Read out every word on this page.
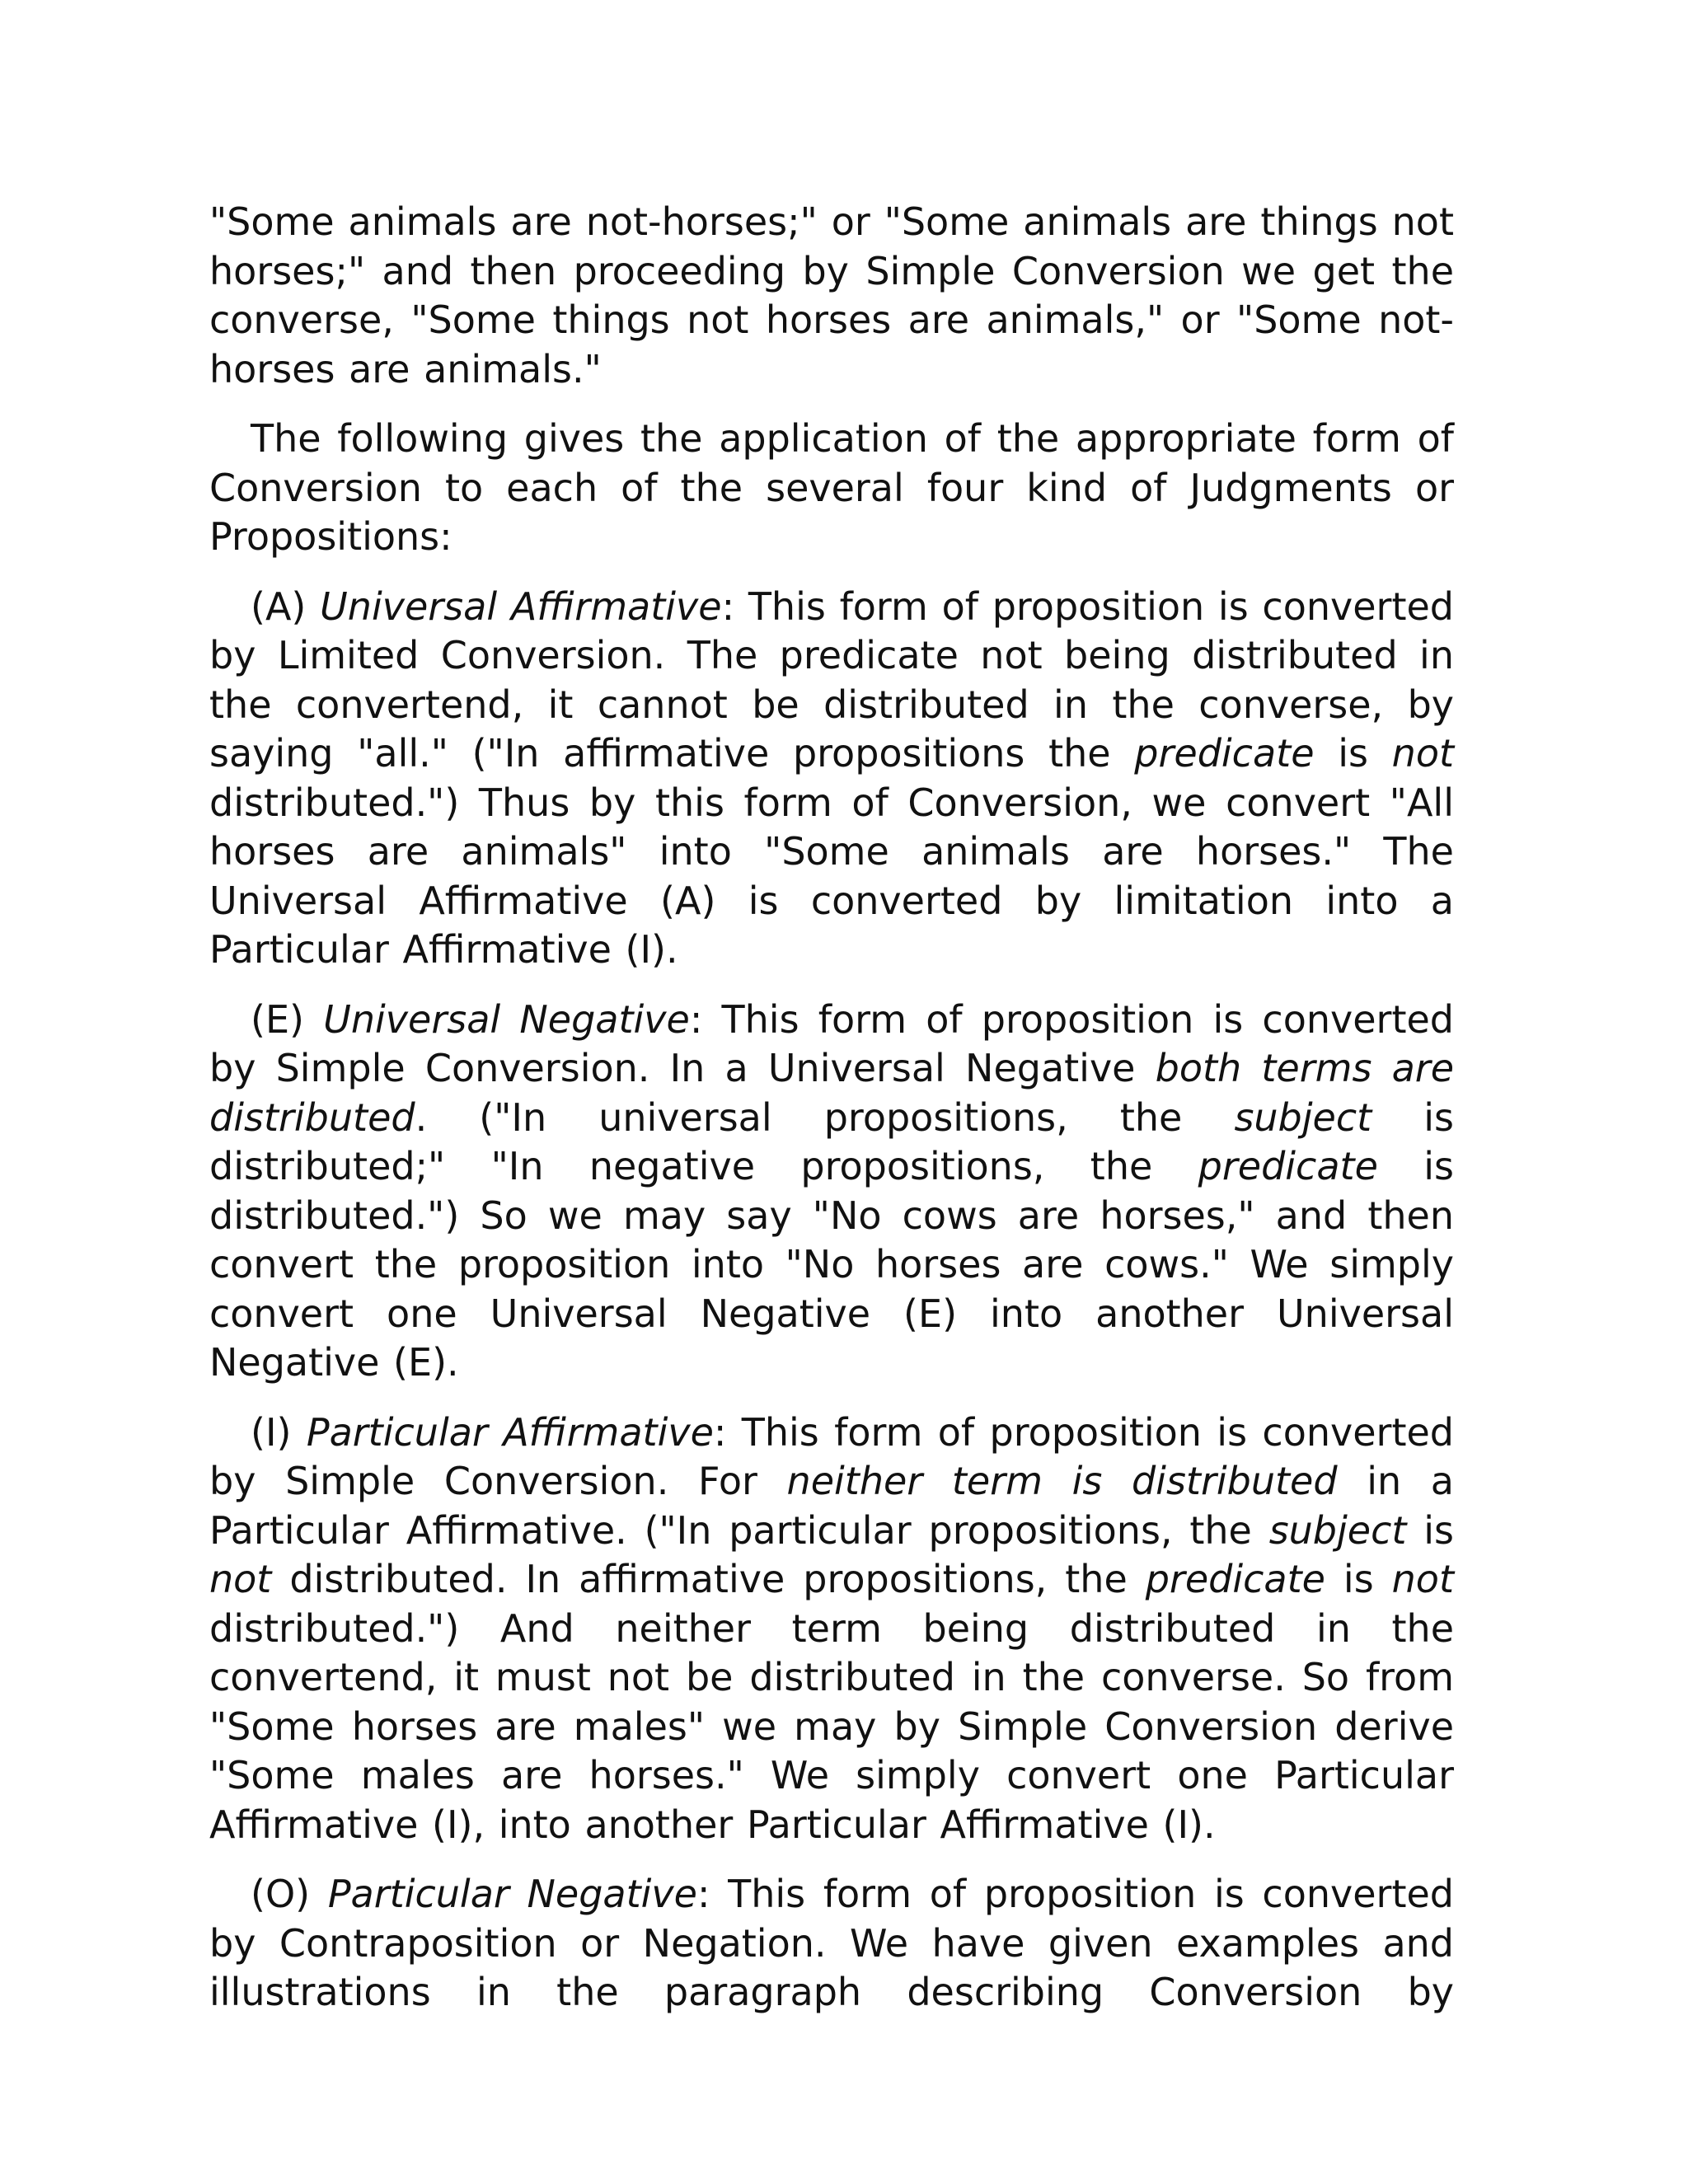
"Some animals are not-horses;" or "Some animals are things not horses;" and then proceeding by Simple Conversion we get the converse, "Some things not horses are animals," or "Some not-horses are animals."

The following gives the application of the appropriate form of Conversion to each of the several four kind of Judgments or Propositions:

(A) Universal Affirmative: This form of proposition is converted by Limited Conversion. The predicate not being distributed in the convertend, it cannot be distributed in the converse, by saying "all." ("In affirmative propositions the predicate is not distributed.") Thus by this form of Conversion, we convert "All horses are animals" into "Some animals are horses." The Universal Affirmative (A) is converted by limitation into a Particular Affirmative (I).

(E) Universal Negative: This form of proposition is converted by Simple Conversion. In a Universal Negative both terms are distributed. ("In universal propositions, the subject is distributed;" "In negative propositions, the predicate is distributed.") So we may say "No cows are horses," and then convert the proposition into "No horses are cows." We simply convert one Universal Negative (E) into another Universal Negative (E).

(I) Particular Affirmative: This form of proposition is converted by Simple Conversion. For neither term is distributed in a Particular Affirmative. ("In particular propositions, the subject is not distributed. In affirmative propositions, the predicate is not distributed.") And neither term being distributed in the convertend, it must not be distributed in the converse. So from "Some horses are males" we may by Simple Conversion derive "Some males are horses." We simply convert one Particular Affirmative (I), into another Particular Affirmative (I).

(O) Particular Negative: This form of proposition is converted by Contraposition or Negation. We have given examples and illustrations in the paragraph describing Conversion by
